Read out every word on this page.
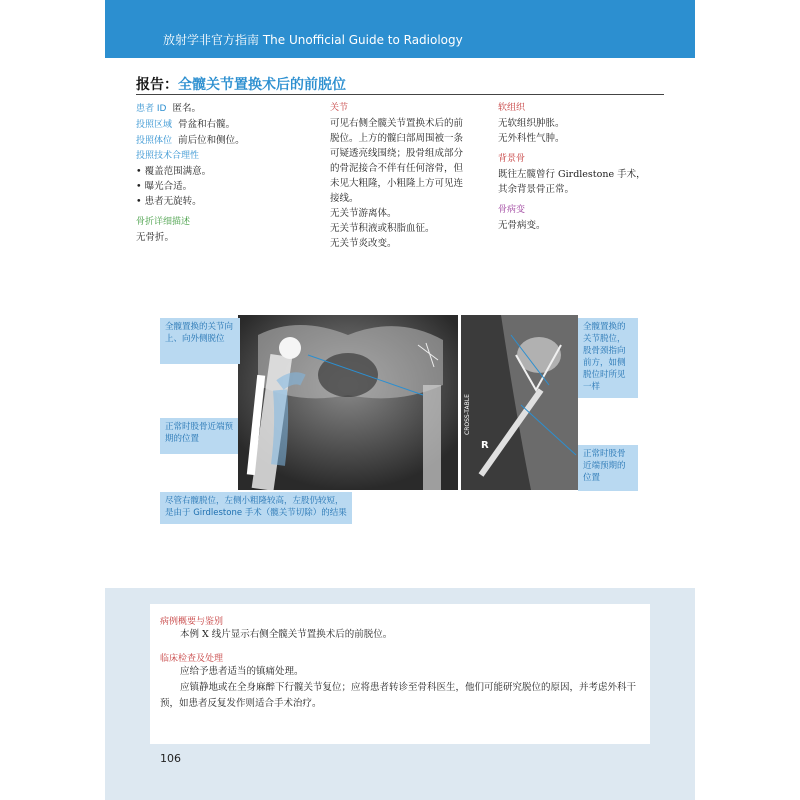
放射学非官方指南 The Unofficial Guide to Radiology
报告：全髋关节置换术后的前脱位
患者 ID 匿名。
投照区域 骨盆和右髋。
投照体位 前后位和侧位。
投照技术合理性
• 覆盖范围满意。
• 曝光合适。
• 患者无旋转。
骨折详细描述
无骨折。
关节
可见右侧全髋关节置换术后的前
脱位。上方的髋臼部周围被一条
可疑透亮线围绕；股骨组成部分
的骨泥接合不伴有任何溶骨，但
未见大粗隆，小粗隆上方可见连
接线。
无关节游离体。
无关节积液或积脂血征。
无关节炎改变。
软组织
无软组织肿胀。
无外科性气肿。
背景骨
既往左髋曾行 Girdlestone 手术，
其余背景骨正常。
骨病变
无骨病变。
CROSS-TABLE
R
全髋置换的关节向上、向外侧脱位
正常时股骨近端预期的位置
尽管右髋脱位，左侧小粗隆较高，左股仍较短，是由于 Girdlestone 手术（髋关节切除）的结果
全髋置换的关节脱位，股骨颈指向前方，如侧脱位时所见一样
正常时股骨近端预期的位置
病例概要与鉴别
本例 X 线片显示右侧全髋关节置换术后的前脱位。
临床检查及处理
应给予患者适当的镇痛处理。
应镇静地或在全身麻醉下行髋关节复位；应将患者转诊至骨科医生，他们可能研究脱位的原因，并考虑外科干预，如患者反复发作则适合手术治疗。
106
